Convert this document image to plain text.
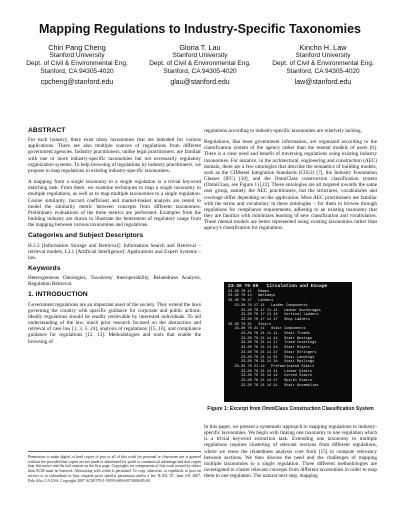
Mapping Regulations to Industry-Specific Taxonomies
Chin Pang Cheng
Stanford University
Dept. of Civil & Environmental Eng.
Stanford, CA 94305-4020
cpcheng@stanford.edu
Gloria T. Lau
Stanford University
Dept. of Civil & Environmental Eng.
Stanford, CA 94305-4020
glau@stanford.edu
Kincho H. Law
Stanford University
Dept. of Civil & Environmental Eng.
Stanford, CA 94305-4020
law@stanford.edu
ABSTRACT

For each industry, there exist many taxonomies that are intended for various applications. There are also multiple sources of regulations from different government agencies. Industry practitioners, unlike legal practitioners, are familiar with one or more industry-specific taxonomies but not necessarily regulatory organization systems. To help browsing of regulations by industry practitioners, we propose to map regulations to existing industry-specific taxonomies.

A mapping from a single taxonomy to a single regulation is a trivial keyword matching task. From there, we examine techniques to map a single taxonomy to multiple regulations, as well as to map multiple taxonomies to a single regulation. Cosine similarity, Jaccard coefficient and market-basket analysis are tested to model the similarity metric between concepts from different taxonomies. Preliminary evaluations of the three metrics are performed. Examples from the building industry are drawn to illustrate the betterment of regulatory usage from the mapping between various taxonomies and regulations.

Categories and Subject Descriptors

H.3.3 [Information Storage and Retrieval]: Information Search and Retrieval – retrieval models, I.2.1 [Artificial Intelligence]: Applications and Expert Systems – law.

Keywords

Heterogeneous Ontologies, Taxonomy Interoperability, Relatedness Analysis, Regulation Retrieval.

1. INTRODUCTION

Government regulations are an important asset of the society. They extend the laws governing the country with specific guidance for corporate and public actions. Ideally regulations should be readily retrievable by interested individuals. To aid understanding of the law, much prior research focused on the abstraction and retrieval of case law [1, 3, 5, 24], analysis of regulations [15, 16], and compliance guidance for regulations [12, 13]. Methodologies and tools that enable the browsing of

Permission to make digital or hard copies of part or all of this work for personal or classroom use is granted without fee provided that copies are not made or distributed for profit or commercial advantage and that copies bear this notice and the full citation on the first page. Copyrights for components of this work owned by others than ACM must be honored. Abstracting with credit is permitted. To copy otherwise, to republish, to post on servers or to redistribute to lists, requires prior specific permission and/or a fee. ICAIL '07, June 4-8, 2007, Palo Alto, CA USA. Copyright 2007 ACM 978-1-59593-680-6/07/0006/$5.00.

regulations according to industry-specific taxonomies are relatively lacking.

Regulations, like most government information, are organized according to the classification system of the agency rather than the mental models of users [6]. There is a clear need and benefit of traversing regulations using existing industry taxonomies. For instance, in the architectural, engineering and construction (AEC) domain, there are a few ontologies that describe the semantics of building models, such as the CIMsteel Integration Standards (CIS/2) [7], the Industry Foundation Classes (IFC) [10], and the OmniClass construction classification system (OmniClass, see Figure 1) [22]. These ontologies are all targeted towards the same user group, namely the AEC practitioners, but the structures, vocabularies and coverage differ depending on the application. Most AEC practitioners are familiar with the terms and vocabulary in these ontologies – for them to browse through regulations for compliance requirements, adhering to an existing taxonomy that they are familiar with minimizes learning of new classification and vocabularies. These mental models are better represented using existing taxonomies rather than agency's classification for regulations.

23-30 70 00   Circulation and Escape
23-30 70 11   Ramps
23-30 70 14   Walkways
23-30 70 17   Ladders
23-30 70 17 11   Ladder Components
23-30 70 17 11 11   Ladder Anchorages
23-30 70 17 11 14   Vertical Ladders
23-30 70 17 11 17   Shop Ladders
23-30 70 21   Stairs
23-30 70 21 11   Stair Components
23-30 70 21 11 11   Stair Treads
23-30 70 21 11 14   Stair Nosings
23-30 70 21 11 17   Tread Coverings
23-30 70 21 11 24   Stair Risers
23-30 70 21 11 27   Stair Stringers
23-30 70 21 11 31   Stair Landings
23-30 70 21 11 34   Stair Railings
23-30 70 21 14   Prefabricated Stairs
23-30 70 21 14 11   Linear Stairs
23-30 70 21 14 14   Curved Stairs
23-30 70 21 14 17   Spiral Stairs
23-30 70 21 14 21   Stair Assemblies
Figure 1: Excerpt from OmniClass Construction Classification System
In this paper, we present a systematic approach to mapping regulations to industry-specific taxonomies. We begin with linking one taxonomy to one regulation which is a trivial keyword extraction task. Extending one taxonomy to multiple regulations requires clustering of relevant sections from different regulations, where we reuse the relatedness analysis core from [15] to compute relevancy between sections. We then discuss the need and the challenges of mapping multiple taxonomies to a single regulation. Three different methodologies are investigated to cluster relevant concepts from different taxonomies in order to map them to one regulation. The natural next step, mapping
